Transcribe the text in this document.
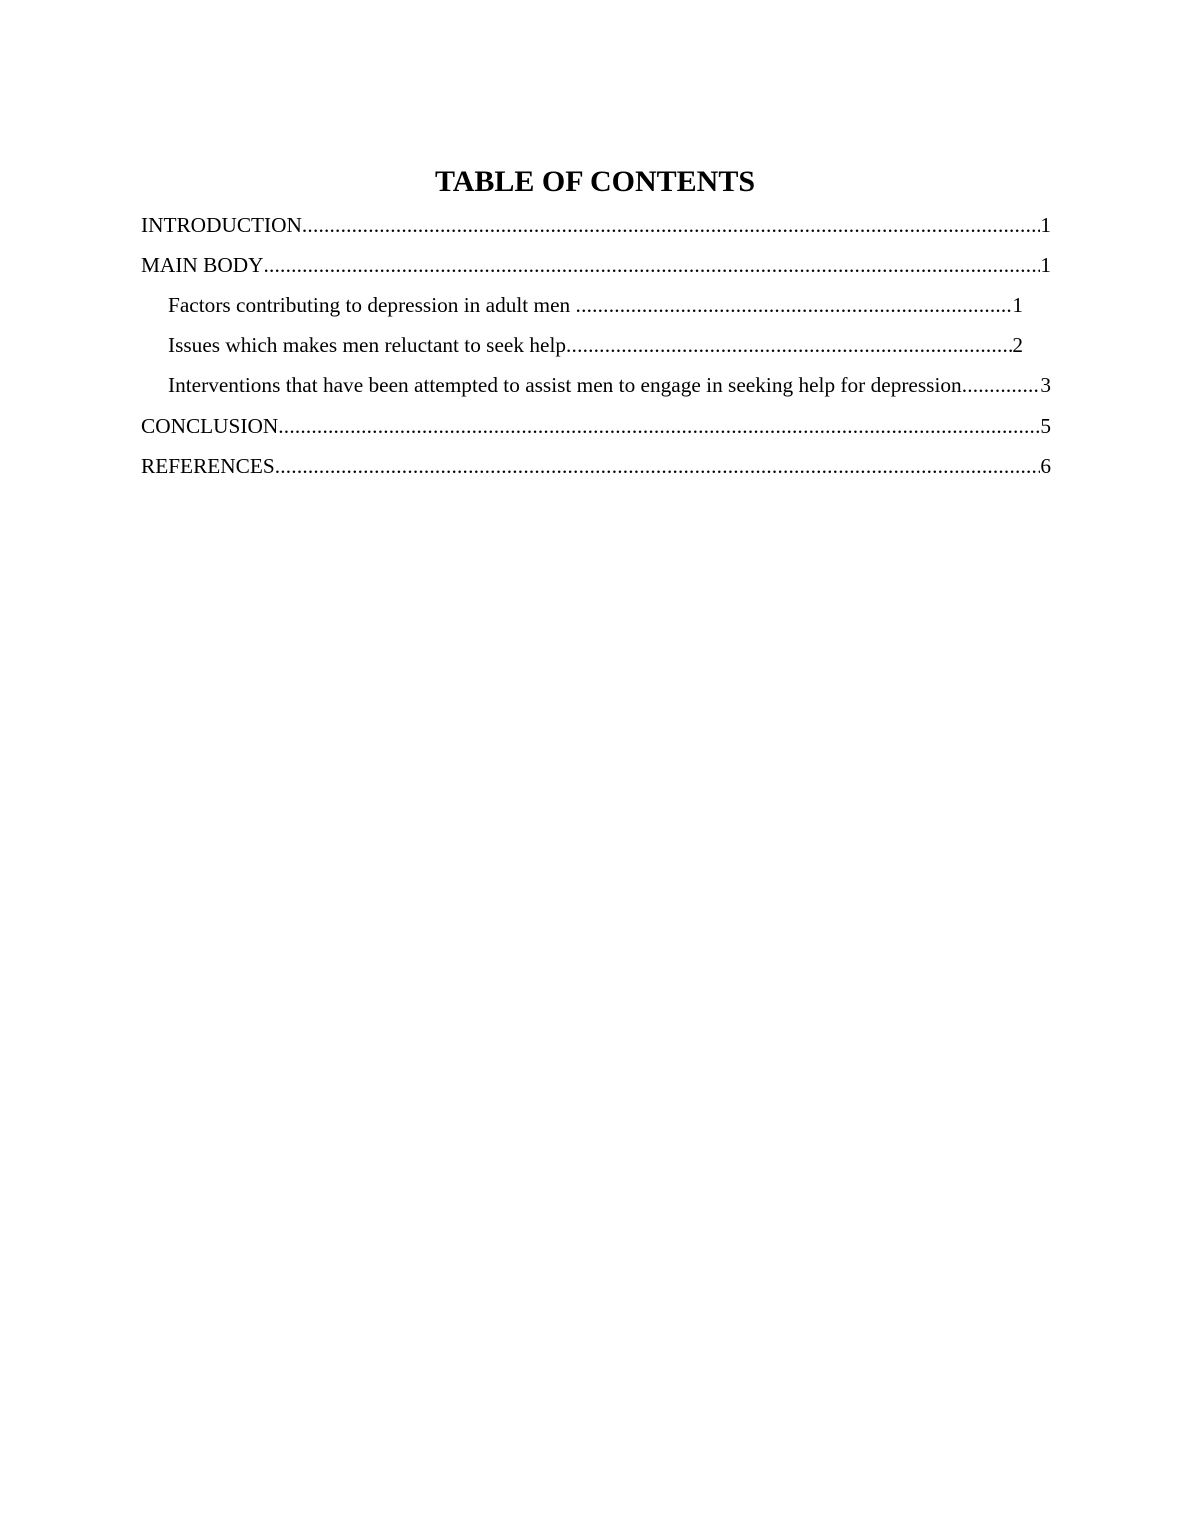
TABLE OF CONTENTS
INTRODUCTION .....	1
MAIN BODY .....	1
Factors contributing to depression in adult men .....	1
Issues which makes men reluctant to seek help .....	2
Interventions that have been attempted to assist men to engage in seeking help for depression .....	3
CONCLUSION .....	5
REFERENCES .....	6
